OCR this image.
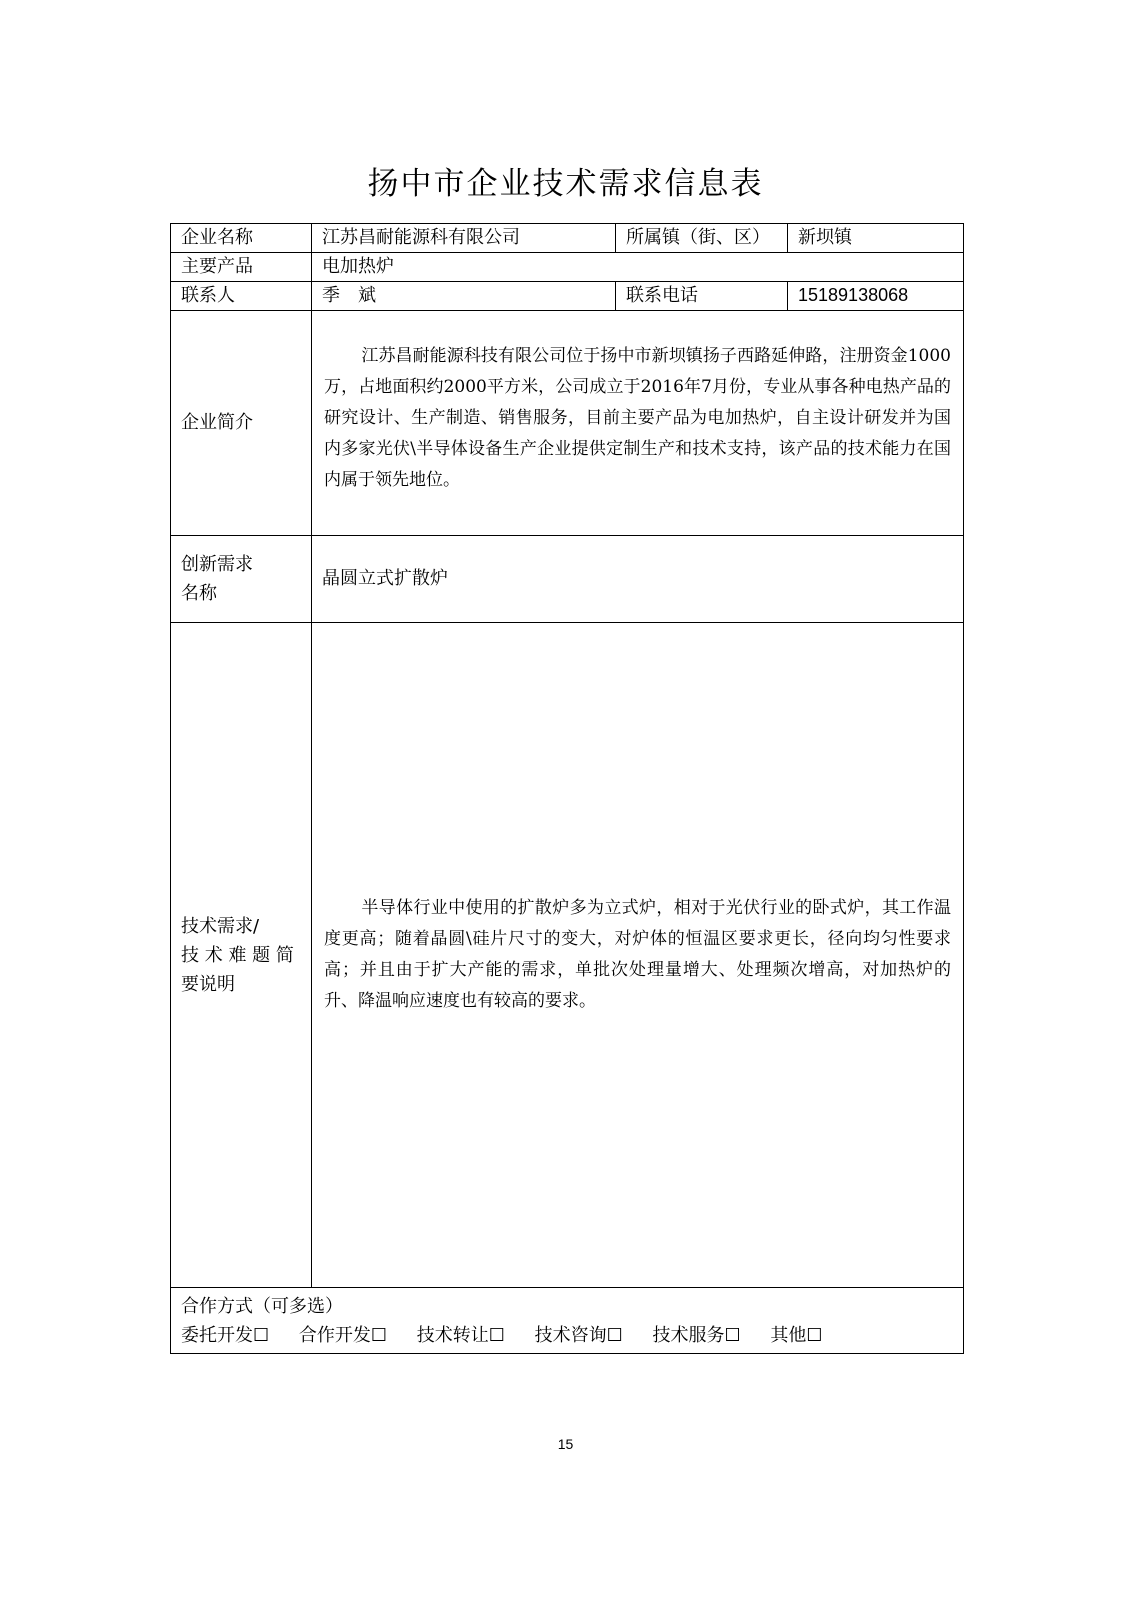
扬中市企业技术需求信息表
企业名称	江苏昌耐能源科有限公司	所属镇（街、区）	新坝镇
主要产品	电加热炉		
联系人	季　斌	联系电话	15189138068
企业简介	江苏昌耐能源科技有限公司位于扬中市新坝镇扬子西路延伸路，注册资金1000万，占地面积约2000平方米，公司成立于2016年7月份，专业从事各种电热产品的研究设计、生产制造、销售服务，目前主要产品为电加热炉，自主设计研发并为国内多家光伏\半导体设备生产企业提供定制生产和技术支持，该产品的技术能力在国内属于领先地位。		

创新需求
名称	晶圆立式扩散炉		

技术需求/
技 术 难 题 简
要说明	半导体行业中使用的扩散炉多为立式炉，相对于光伏行业的卧式炉，其工作温度更高；随着晶圆\硅片尺寸的变大，对炉体的恒温区要求更长，径向均匀性要求高；并且由于扩大产能的需求，单批次处理量增大、处理频次增高，对加热炉的升、降温响应速度也有较高的要求。		

合作方式（可多选）
委托开发☐ 合作开发☐ 技术转让☐ 技术咨询☐ 技术服务☐ 其他☐			
15
